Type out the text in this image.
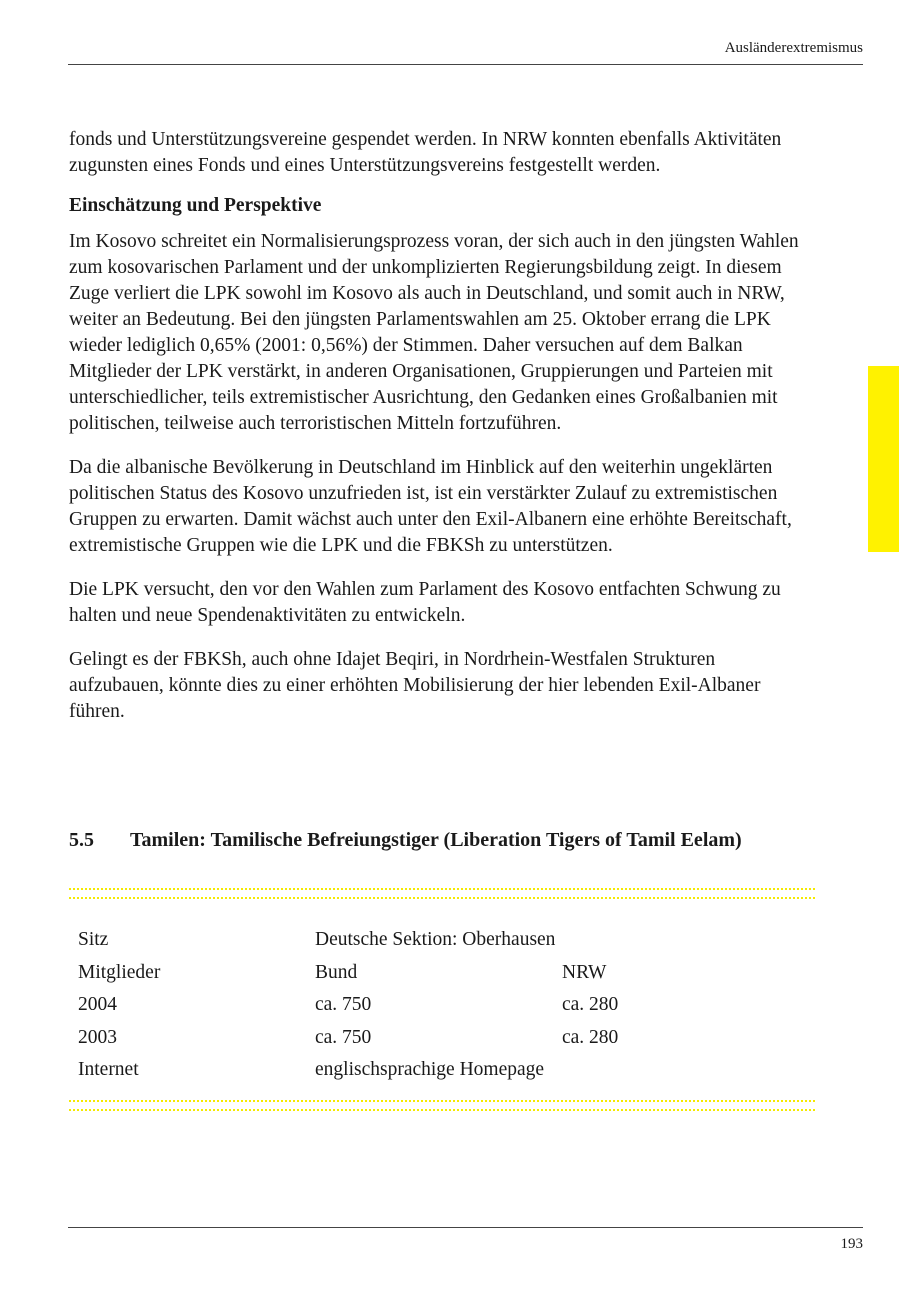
Ausländerextremismus

fonds und Unterstützungsvereine gespendet werden. In NRW konnten ebenfalls Aktivitäten zugunsten eines Fonds und eines Unterstützungsvereins festgestellt werden.

Einschätzung und Perspektive

Im Kosovo schreitet ein Normalisierungsprozess voran, der sich auch in den jüngsten Wahlen zum kosovarischen Parlament und der unkomplizierten Regierungsbildung zeigt. In diesem Zuge verliert die LPK sowohl im Kosovo als auch in Deutschland, und somit auch in NRW, weiter an Bedeutung. Bei den jüngsten Parlamentswahlen am 25. Oktober errang die LPK wieder lediglich 0,65% (2001: 0,56%) der Stimmen. Daher versuchen auf dem Balkan Mitglieder der LPK verstärkt, in anderen Organisationen, Gruppierungen und Parteien mit unterschiedlicher, teils extremistischer Ausrichtung, den Gedanken eines Großalbanien mit politischen, teilweise auch terroristischen Mitteln fortzuführen.

Da die albanische Bevölkerung in Deutschland im Hinblick auf den weiterhin ungeklärten politischen Status des Kosovo unzufrieden ist, ist ein verstärkter Zulauf zu extremistischen Gruppen zu erwarten. Damit wächst auch unter den Exil-Albanern eine erhöhte Bereitschaft, extremistische Gruppen wie die LPK und die FBKSh zu unterstützen.

Die LPK versucht, den vor den Wahlen zum Parlament des Kosovo entfachten Schwung zu halten und neue Spendenaktivitäten zu entwickeln.

Gelingt es der FBKSh, auch ohne Idajet Beqiri, in Nordrhein-Westfalen Strukturen aufzubauen, könnte dies zu einer erhöhten Mobilisierung der hier lebenden Exil-Albaner führen.

5.5 Tamilen: Tamilische Befreiungstiger (Liberation Tigers of Tamil Eelam)
Sitz	Deutsche Sektion: Oberhausen	
Mitglieder	Bund	NRW
2004	ca. 750	ca. 280
2003	ca. 750	ca. 280
Internet	englischsprachige Homepage	
193
